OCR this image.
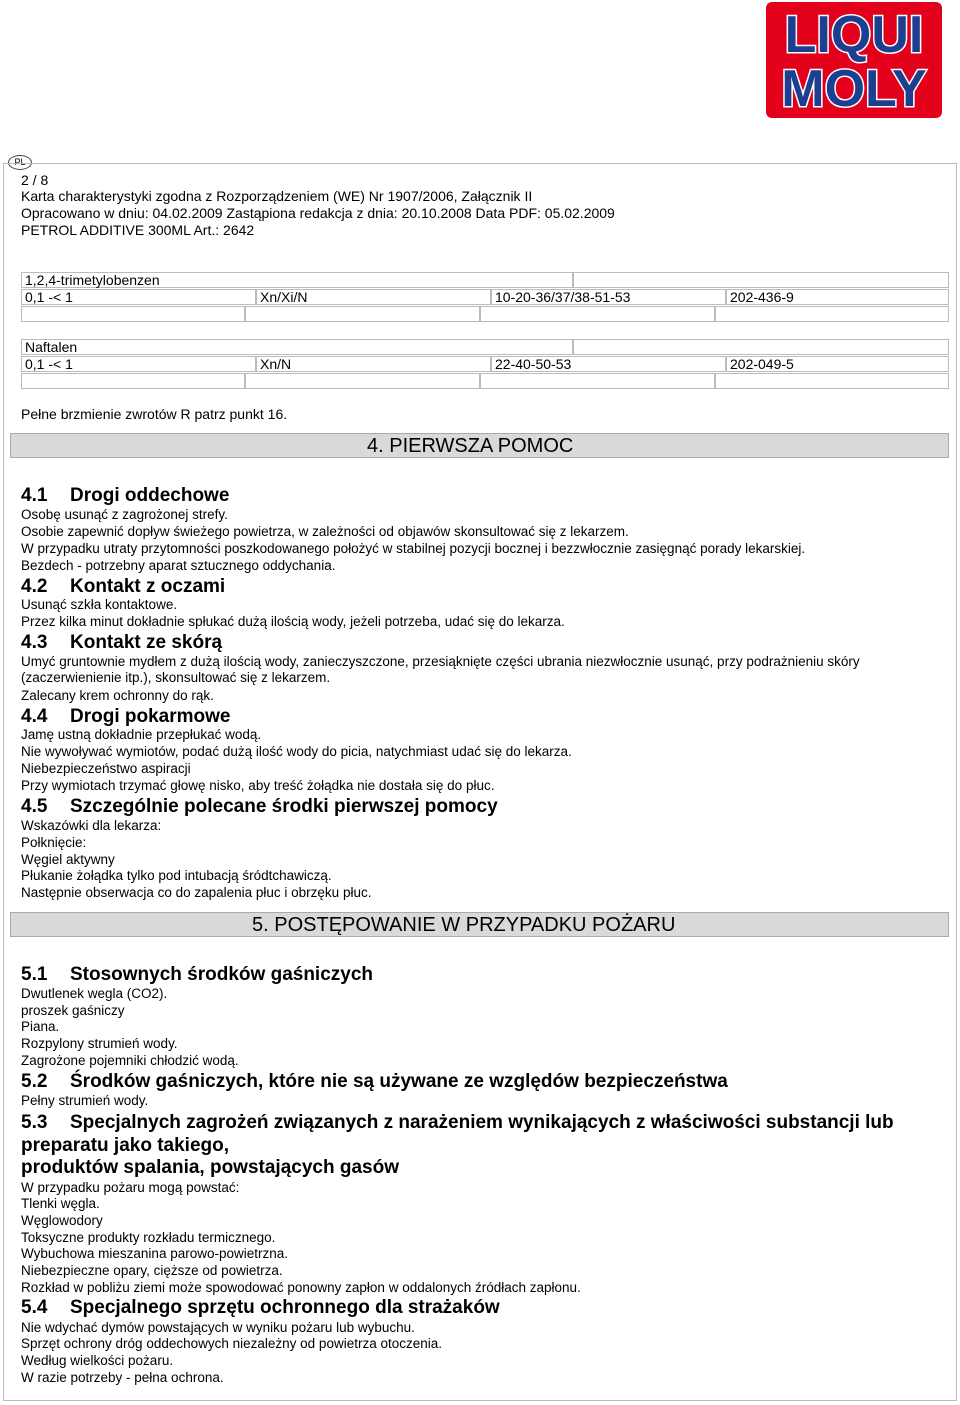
LIQUI
MOLY
PL
2 / 8
Karta charakterystyki zgodna z Rozporządzeniem (WE) Nr 1907/2006, Załącznik II
Opracowano w dniu: 04.02.2009 Zastąpiona redakcja z dnia: 20.10.2008 Data PDF: 05.02.2009
PETROL ADDITIVE 300ML Art.: 2642
1,2,4-trimetylobenzen
0,1 -< 1	Xn/Xi/N	10-20-36/37/38-51-53	202-436-9
Naftalen
0,1 -< 1	Xn/N	22-40-50-53	202-049-5
Pełne brzmienie zwrotów R patrz punkt 16.
4. PIERWSZA POMOC
4.1 Drogi oddechowe
Osobę usunąć z zagrożonej strefy.
Osobie zapewnić dopływ świeżego powietrza, w zależności od objawów skonsultować się z lekarzem.
W przypadku utraty przytomności poszkodowanego położyć w stabilnej pozycji bocznej i bezzwłocznie zasięgnąć porady lekarskiej.
Bezdech - potrzebny aparat sztucznego oddychania.
4.2 Kontakt z oczami
Usunąć szkła kontaktowe.
Przez kilka minut dokładnie spłukać dużą ilością wody, jeżeli potrzeba, udać się do lekarza.
4.3 Kontakt ze skórą
Umyć gruntownie mydłem z dużą ilością wody, zanieczyszczone, przesiąknięte części ubrania niezwłocznie usunąć, przy podrażnieniu skóry (zaczerwienienie itp.), skonsultować się z lekarzem.
Zalecany krem ochronny do rąk.
4.4 Drogi pokarmowe
Jamę ustną dokładnie przepłukać wodą.
Nie wywoływać wymiotów, podać dużą ilość wody do picia, natychmiast udać się do lekarza.
Niebezpieczeństwo aspiracji
Przy wymiotach trzymać głowę nisko, aby treść żołądka nie dostała się do płuc.
4.5 Szczególnie polecane środki pierwszej pomocy
Wskazówki dla lekarza:
Połknięcie:
Węgiel aktywny
Płukanie żołądka tylko pod intubacją śródtchawiczą.
Następnie obserwacja co do zapalenia płuc i obrzęku płuc.
5. POSTĘPOWANIE W PRZYPADKU POŻARU
5.1 Stosownych środków gaśniczych
Dwutlenek wegla (CO2).
proszek gaśniczy
Piana.
Rozpylony strumień wody.
Zagrożone pojemniki chłodzić wodą.
5.2 Środków gaśniczych, które nie są używane ze względów bezpieczeństwa
Pełny strumień wody.
5.3 Specjalnych zagrożeń związanych z narażeniem wynikających z właściwości substancji lub preparatu jako takiego,
produktów spalania, powstających gasów
W przypadku pożaru mogą powstać:
Tlenki węgla.
Węglowodory
Toksyczne produkty rozkładu termicznego.
Wybuchowa mieszanina parowo-powietrzna.
Niebezpieczne opary, cięższe od powietrza.
Rozkład w pobliżu ziemi może spowodować ponowny zapłon w oddalonych źródłach zapłonu.
5.4 Specjalnego sprzętu ochronnego dla strażaków
Nie wdychać dymów powstających w wyniku pożaru lub wybuchu.
Sprzęt ochrony dróg oddechowych niezależny od powietrza otoczenia.
Według wielkości pożaru.
W razie potrzeby - pełna ochrona.
